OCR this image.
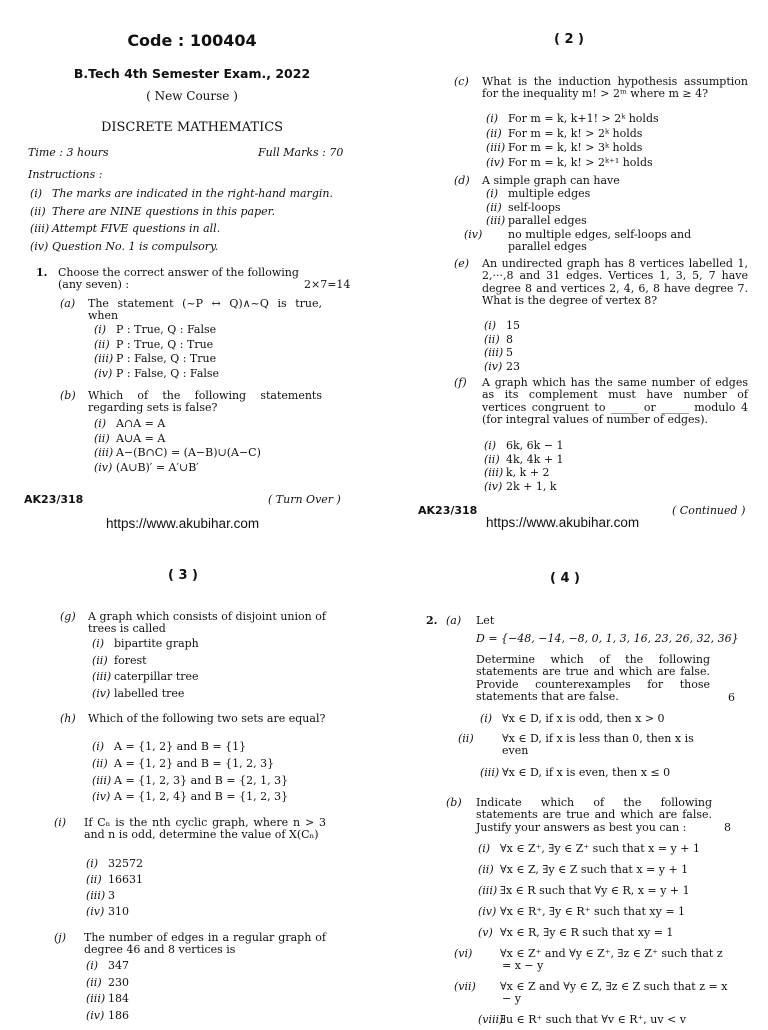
Code : 100404
B.Tech 4th Semester Exam., 2022
( New Course )
DISCRETE MATHEMATICS
Time : 3 hours	Full Marks : 70
Instructions :
(i) The marks are indicated in the right-hand margin.
(ii) There are NINE questions in this paper.
(iii) Attempt FIVE questions in all.
(iv) Question No. 1 is compulsory.
1. Choose the correct answer of the following
(any seven) :	2×7=14
(a) The statement (~P ↔ Q)∧~Q is true, when
(i) P : True, Q : False
(ii) P : True, Q : True
(iii) P : False, Q : True
(iv) P : False, Q : False
(b) Which of the following statements regarding sets is false?
(i) A∩A = A
(ii) A∪A = A
(iii) A−(B∩C) = (A−B)∪(A−C)
(iv) (A∪B)′ = A′∪B′
AK23/318	( Turn Over )
https://www.akubihar.com
( 2 )
(c) What is the induction hypothesis assumption for the inequality m! > 2ᵐ where m ≥ 4?
(i) For m = k, k+1! > 2ᵏ holds
(ii) For m = k, k! > 2ᵏ holds
(iii) For m = k, k! > 3ᵏ holds
(iv) For m = k, k! > 2ᵏ⁺¹ holds
(d) A simple graph can have
(i) multiple edges
(ii) self-loops
(iii) parallel edges
(iv) no multiple edges, self-loops and parallel edges
(e) An undirected graph has 8 vertices labelled 1, 2,···,8 and 31 edges. Vertices 1, 3, 5, 7 have degree 8 and vertices 2, 4, 6, 8 have degree 7. What is the degree of vertex 8?
(i) 15
(ii) 8
(iii) 5
(iv) 23
(f) A graph which has the same number of edges as its complement must have number of vertices congruent to _____ or _____ modulo 4 (for integral values of number of edges).
(i) 6k, 6k − 1
(ii) 4k, 4k + 1
(iii) k, k + 2
(iv) 2k + 1, k
AK23/318	( Continued )
https://www.akubihar.com
( 3 )
(g) A graph which consists of disjoint union of trees is called
(i) bipartite graph
(ii) forest
(iii) caterpillar tree
(iv) labelled tree
(h) Which of the following two sets are equal?
(i) A = {1, 2} and B = {1}
(ii) A = {1, 2} and B = {1, 2, 3}
(iii) A = {1, 2, 3} and B = {2, 1, 3}
(iv) A = {1, 2, 4} and B = {1, 2, 3}
(i) If Cₙ is the nth cyclic graph, where n > 3 and n is odd, determine the value of X(Cₙ)
(i) 32572
(ii) 16631
(iii) 3
(iv) 310
(j) The number of edges in a regular graph of degree 46 and 8 vertices is
(i) 347
(ii) 230
(iii) 184
(iv) 186
( 4 )
2. (a) Let
D = {−48, −14, −8, 0, 1, 3, 16, 23, 26, 32, 36}
Determine which of the following statements are true and which are false. Provide counterexamples for those statements that are false.	6
(i) ∀x ∈ D, if x is odd, then x > 0
(ii)	∀x ∈ D, if x is less than 0, then x is even
(iii) ∀x ∈ D, if x is even, then x ≤ 0
(b) Indicate which of the following statements are true and which are false. Justify your answers as best you can :	8
(i) ∀x ∈ Z⁺, ∃y ∈ Z⁺ such that x = y + 1
(ii) ∀x ∈ Z, ∃y ∈ Z such that x = y + 1
(iii) ∃x ∈ R such that ∀y ∈ R, x = y + 1
(iv) ∀x ∈ R⁺, ∃y ∈ R⁺ such that xy = 1
(v) ∀x ∈ R, ∃y ∈ R such that xy = 1
(vi)	∀x ∈ Z⁺ and ∀y ∈ Z⁺, ∃z ∈ Z⁺ such that z = x − y
(vii) ∀x ∈ Z and ∀y ∈ Z, ∃z ∈ Z such that z = x − y
(viii)∃u ∈ R⁺ such that ∀v ∈ R⁺, uv < v
